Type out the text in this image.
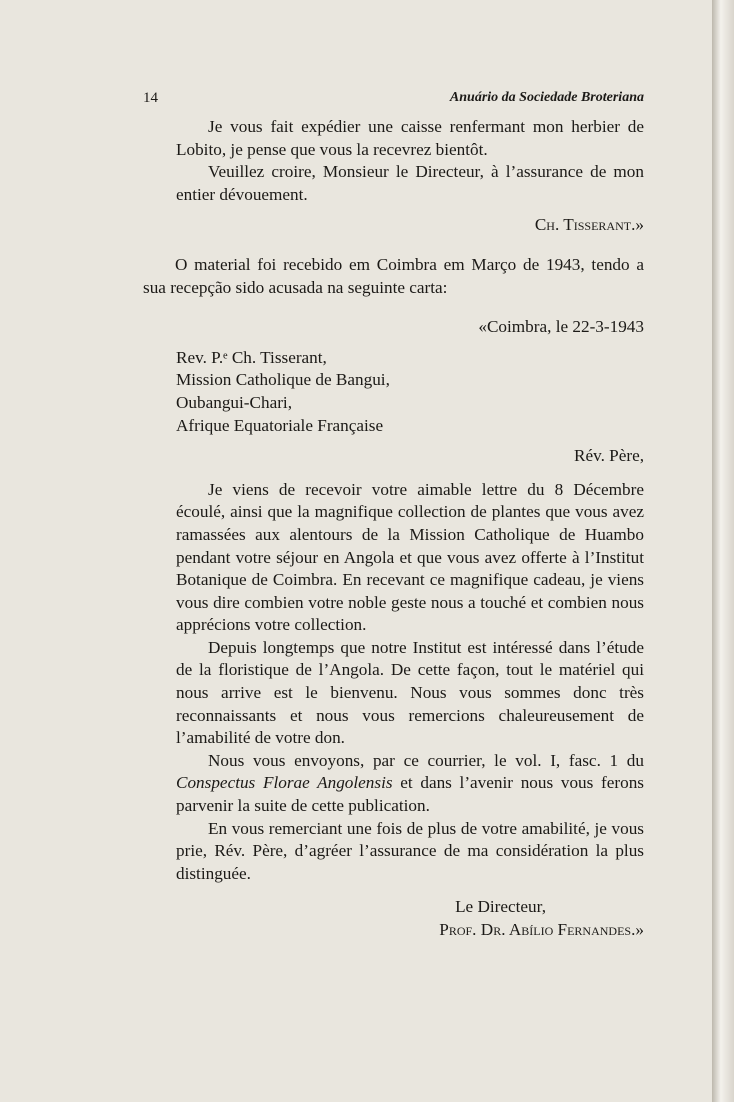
14	Anuário da Sociedade Broteriana

Je vous fait expédier une caisse renfermant mon herbier de Lobito, je pense que vous la recevrez bientôt.

Veuillez croire, Monsieur le Directeur, à l’assurance de mon entier dévouement.

Ch. Tisserant.»

O material foi recebido em Coimbra em Março de 1943, tendo a sua recepção sido acusada na seguinte carta:

«Coimbra, le 22-3-1943

Rev. P.ᵉ Ch. Tisserant,
Mission Catholique de Bangui,
Oubangui-Chari,
Afrique Equatoriale Française

Rév. Père,

Je viens de recevoir votre aimable lettre du 8 Décembre écoulé, ainsi que la magnifique collection de plantes que vous avez ramassées aux alentours de la Mission Catholique de Huambo pendant votre séjour en Angola et que vous avez offerte à l’Institut Botanique de Coimbra. En recevant ce magnifique cadeau, je viens vous dire combien votre noble geste nous a touché et combien nous apprécions votre collection.

Depuis longtemps que notre Institut est intéressé dans l’étude de la floristique de l’Angola. De cette façon, tout le matériel qui nous arrive est le bienvenu. Nous vous sommes donc très reconnaissants et nous vous remercions chaleureusement de l’amabilité de votre don.

Nous vous envoyons, par ce courrier, le vol. I, fasc. 1 du Conspectus Florae Angolensis et dans l’avenir nous vous ferons parvenir la suite de cette publication.

En vous remerciant une fois de plus de votre amabilité, je vous prie, Rév. Père, d’agréer l’assurance de ma considération la plus distinguée.

Le Directeur,

Prof. Dr. Abílio Fernandes.»
